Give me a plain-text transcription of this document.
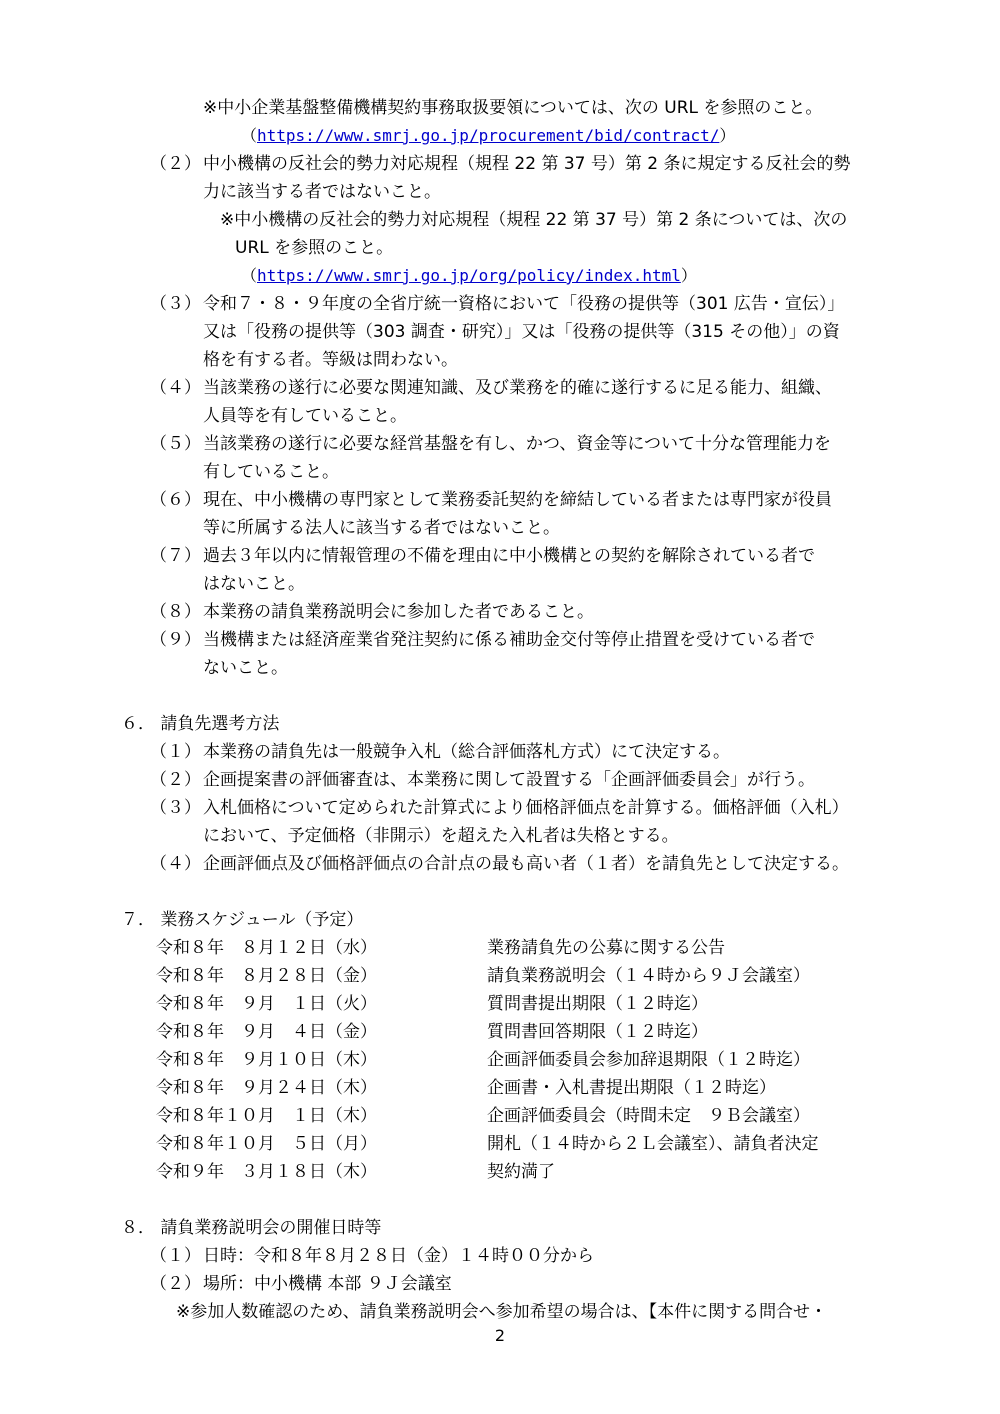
※中小企業基盤整備機構契約事務取扱要領については、次の URL を参照のこと。
（https://www.smrj.go.jp/procurement/bid/contract/）
（２） 中小機構の反社会的勢力対応規程（規程 22 第 37 号）第 2 条に規定する反社会的勢
力に該当する者ではないこと。
※中小機構の反社会的勢力対応規程（規程 22 第 37 号）第 2 条については、次の
URL を参照のこと。
（https://www.smrj.go.jp/org/policy/index.html）
（３） 令和７・８・９年度の全省庁統一資格において「役務の提供等（301 広告・宣伝）」
又は「役務の提供等（303 調査・研究）」又は「役務の提供等（315 その他）」の資
格を有する者。等級は問わない。
（４） 当該業務の遂行に必要な関連知識、及び業務を的確に遂行するに足る能力、組織、
人員等を有していること。
（５） 当該業務の遂行に必要な経営基盤を有し、かつ、資金等について十分な管理能力を
有していること。
（６） 現在、中小機構の専門家として業務委託契約を締結している者または専門家が役員
等に所属する法人に該当する者ではないこと。
（７） 過去３年以内に情報管理の不備を理由に中小機構との契約を解除されている者で
はないこと。
（８） 本業務の請負業務説明会に参加した者であること。
（９） 当機構または経済産業省発注契約に係る補助金交付等停止措置を受けている者で
ないこと。
６． 請負先選考方法
（１） 本業務の請負先は一般競争入札（総合評価落札方式）にて決定する。
（２） 企画提案書の評価審査は、本業務に関して設置する「企画評価委員会」が行う。
（３） 入札価格について定められた計算式により価格評価点を計算する。価格評価（入札）
において、予定価格（非開示）を超えた入札者は失格とする。
（４） 企画評価点及び価格評価点の合計点の最も高い者（１者）を請負先として決定する。
７． 業務スケジュール（予定）
令和８年　８月１２日（水）	業務請負先の公募に関する公告
令和８年　８月２８日（金）	請負業務説明会（１４時から９Ｊ会議室）
令和８年　９月　１日（火）	質問書提出期限（１２時迄）
令和８年　９月　４日（金）	質問書回答期限（１２時迄）
令和８年　９月１０日（木）	企画評価委員会参加辞退期限（１２時迄）
令和８年　９月２４日（木）	企画書・入札書提出期限（１２時迄）
令和８年１０月　１日（木）	企画評価委員会（時間未定　９Ｂ会議室）
令和８年１０月　５日（月）	開札（１４時から２Ｌ会議室）、請負者決定
令和９年　３月１８日（木）	契約満了
８． 請負業務説明会の開催日時等
（１） 日時：令和８年８月２８日（金）１４時００分から
（２） 場所：中小機構 本部 ９Ｊ会議室
※参加人数確認のため、請負業務説明会へ参加希望の場合は、【本件に関する問合せ・
2
